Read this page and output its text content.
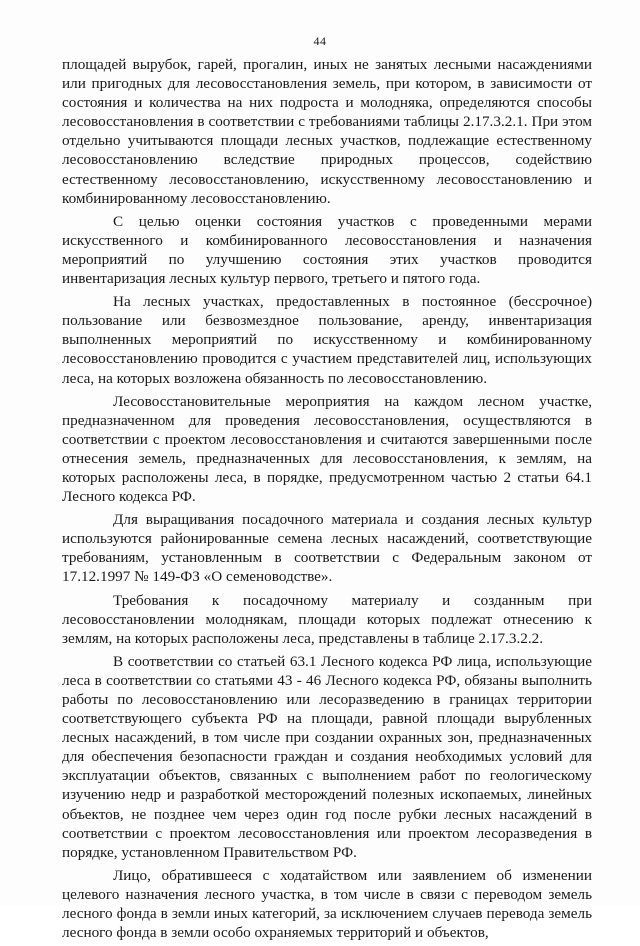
44

площадей вырубок, гарей, прогалин, иных не занятых лесными насаждениями или пригодных для лесовосстановления земель, при котором, в зависимости от состояния и количества на них подроста и молодняка, определяются способы лесовосстановления в соответствии с требованиями таблицы 2.17.3.2.1. При этом отдельно учитываются площади лесных участков, подлежащие естественному лесовосстановлению вследствие природных процессов, содействию естественному лесовосстановлению, искусственному лесовосстановлению и комбинированному лесовосстановлению.

С целью оценки состояния участков с проведенными мерами искусственного и комбинированного лесовосстановления и назначения мероприятий по улучшению состояния этих участков проводится инвентаризация лесных культур первого, третьего и пятого года.

На лесных участках, предоставленных в постоянное (бессрочное) пользование или безвозмездное пользование, аренду, инвентаризация выполненных мероприятий по искусственному и комбинированному лесовосстановлению проводится с участием представителей лиц, использующих леса, на которых возложена обязанность по лесовосстановлению.

Лесовосстановительные мероприятия на каждом лесном участке, предназначенном для проведения лесовосстановления, осуществляются в соответствии с проектом лесовосстановления и считаются завершенными после отнесения земель, предназначенных для лесовосстановления, к землям, на которых расположены леса, в порядке, предусмотренном частью 2 статьи 64.1 Лесного кодекса РФ.

Для выращивания посадочного материала и создания лесных культур используются районированные семена лесных насаждений, соответствующие требованиям, установленным в соответствии с Федеральным законом от 17.12.1997 № 149-ФЗ «О семеноводстве».

Требования к посадочному материалу и созданным при лесовосстановлении молоднякам, площади которых подлежат отнесению к землям, на которых расположены леса, представлены в таблице 2.17.3.2.2.

В соответствии со статьей 63.1 Лесного кодекса РФ лица, использующие леса в соответствии со статьями 43 - 46 Лесного кодекса РФ, обязаны выполнить работы по лесовосстановлению или лесоразведению в границах территории соответствующего субъекта РФ на площади, равной площади вырубленных лесных насаждений, в том числе при создании охранных зон, предназначенных для обеспечения безопасности граждан и создания необходимых условий для эксплуатации объектов, связанных с выполнением работ по геологическому изучению недр и разработкой месторождений полезных ископаемых, линейных объектов, не позднее чем через один год после рубки лесных насаждений в соответствии с проектом лесовосстановления или проектом лесоразведения в порядке, установленном Правительством РФ.

Лицо, обратившееся с ходатайством или заявлением об изменении целевого назначения лесного участка, в том числе в связи с переводом земель лесного фонда в земли иных категорий, за исключением случаев перевода земель лесного фонда в земли особо охраняемых территорий и объектов,
